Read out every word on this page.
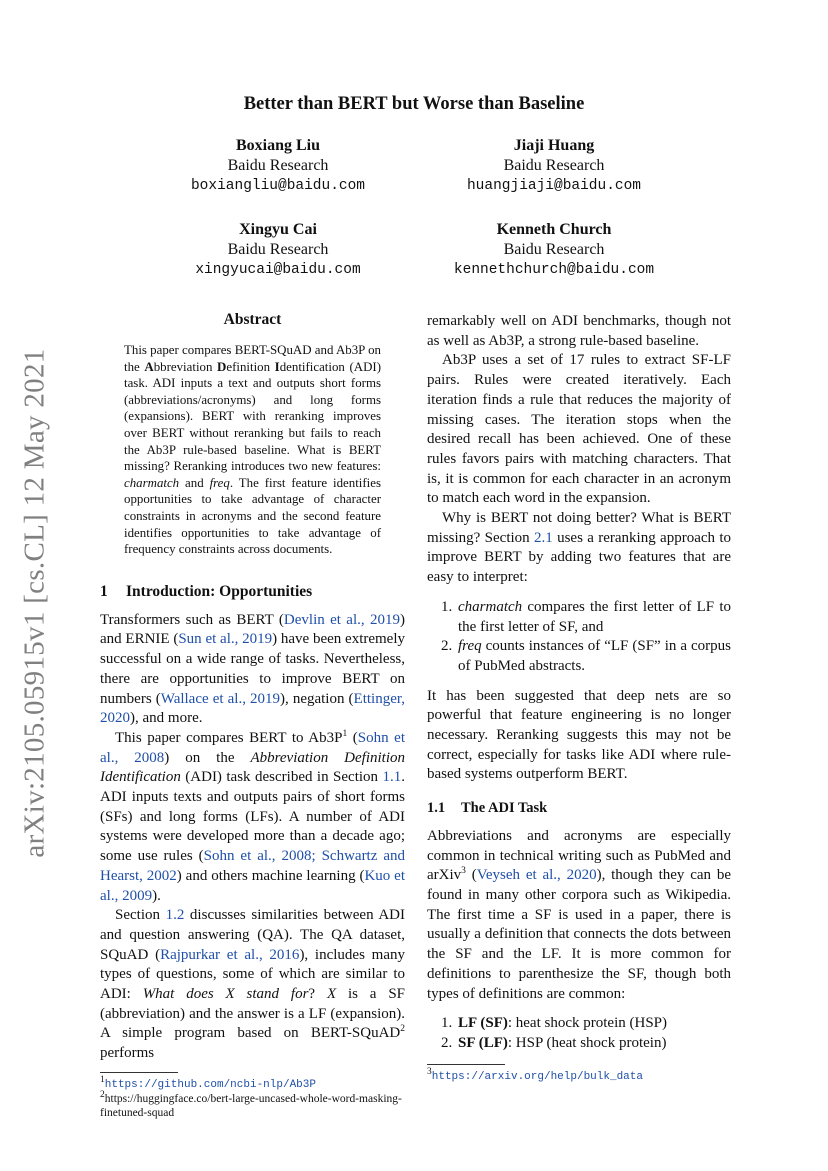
arXiv:2105.05915v1 [cs.CL] 12 May 2021
Better than BERT but Worse than Baseline
Boxiang Liu
Baidu Research
boxiangliu@baidu.com
Jiaji Huang
Baidu Research
huangjiaji@baidu.com
Xingyu Cai
Baidu Research
xingyucai@baidu.com
Kenneth Church
Baidu Research
kennethchurch@baidu.com
Abstract
This paper compares BERT-SQuAD and Ab3P on the Abbreviation Definition Identification (ADI) task. ADI inputs a text and outputs short forms (abbreviations/acronyms) and long forms (expansions). BERT with reranking improves over BERT without reranking but fails to reach the Ab3P rule-based baseline. What is BERT missing? Reranking introduces two new features: charmatch and freq. The first feature identifies opportunities to take advantage of character constraints in acronyms and the second feature identifies opportunities to take advantage of frequency constraints across documents.
1 Introduction: Opportunities

Transformers such as BERT (Devlin et al., 2019) and ERNIE (Sun et al., 2019) have been extremely successful on a wide range of tasks. Nevertheless, there are opportunities to improve BERT on numbers (Wallace et al., 2019), negation (Ettinger, 2020), and more.

This paper compares BERT to $Ab3P^1$ (Sohn et al., 2008) on the Abbreviation Definition Identification (ADI) task described in Section 1.1. ADI inputs texts and outputs pairs of short forms (SFs) and long forms (LFs). A number of ADI systems were developed more than a decade ago; some use rules (Sohn et al., 2008; Schwartz and Hearst, 2002) and others machine learning (Kuo et al., 2009).

Section 1.2 discusses similarities between ADI and question answering (QA). The QA dataset, SQuAD (Rajpurkar et al., 2016), includes many types of questions, some of which are similar to ADI: What does X stand for? X is a SF (abbreviation) and the answer is a LF (expansion). A simple program based on BERT-SQuAD$^2$ performs

$^1$https://github.com/ncbi-nlp/Ab3P
$^2$https://huggingface.co/bert-large-uncased-whole-word-masking-finetuned-squad

remarkably well on ADI benchmarks, though not as well as Ab3P, a strong rule-based baseline.

Ab3P uses a set of 17 rules to extract SF-LF pairs. Rules were created iteratively. Each iteration finds a rule that reduces the majority of missing cases. The iteration stops when the desired recall has been achieved. One of these rules favors pairs with matching characters. That is, it is common for each character in an acronym to match each word in the expansion.

Why is BERT not doing better? What is BERT missing? Section 2.1 uses a reranking approach to improve BERT by adding two features that are easy to interpret:

1. charmatch compares the first letter of LF to the first letter of SF, and
2. freq counts instances of “LF (SF” in a corpus of PubMed abstracts.

It has been suggested that deep nets are so powerful that feature engineering is no longer necessary. Reranking suggests this may not be correct, especially for tasks like ADI where rule-based systems outperform BERT.

1.1 The ADI Task

Abbreviations and acronyms are especially common in technical writing such as PubMed and arXiv$^3$ (Veyseh et al., 2020), though they can be found in many other corpora such as Wikipedia. The first time a SF is used in a paper, there is usually a definition that connects the dots between the SF and the LF. It is more common for definitions to parenthesize the SF, though both types of definitions are common:

1. LF (SF): heat shock protein (HSP)
2. SF (LF): HSP (heat shock protein)
$^3$https://arxiv.org/help/bulk_data
